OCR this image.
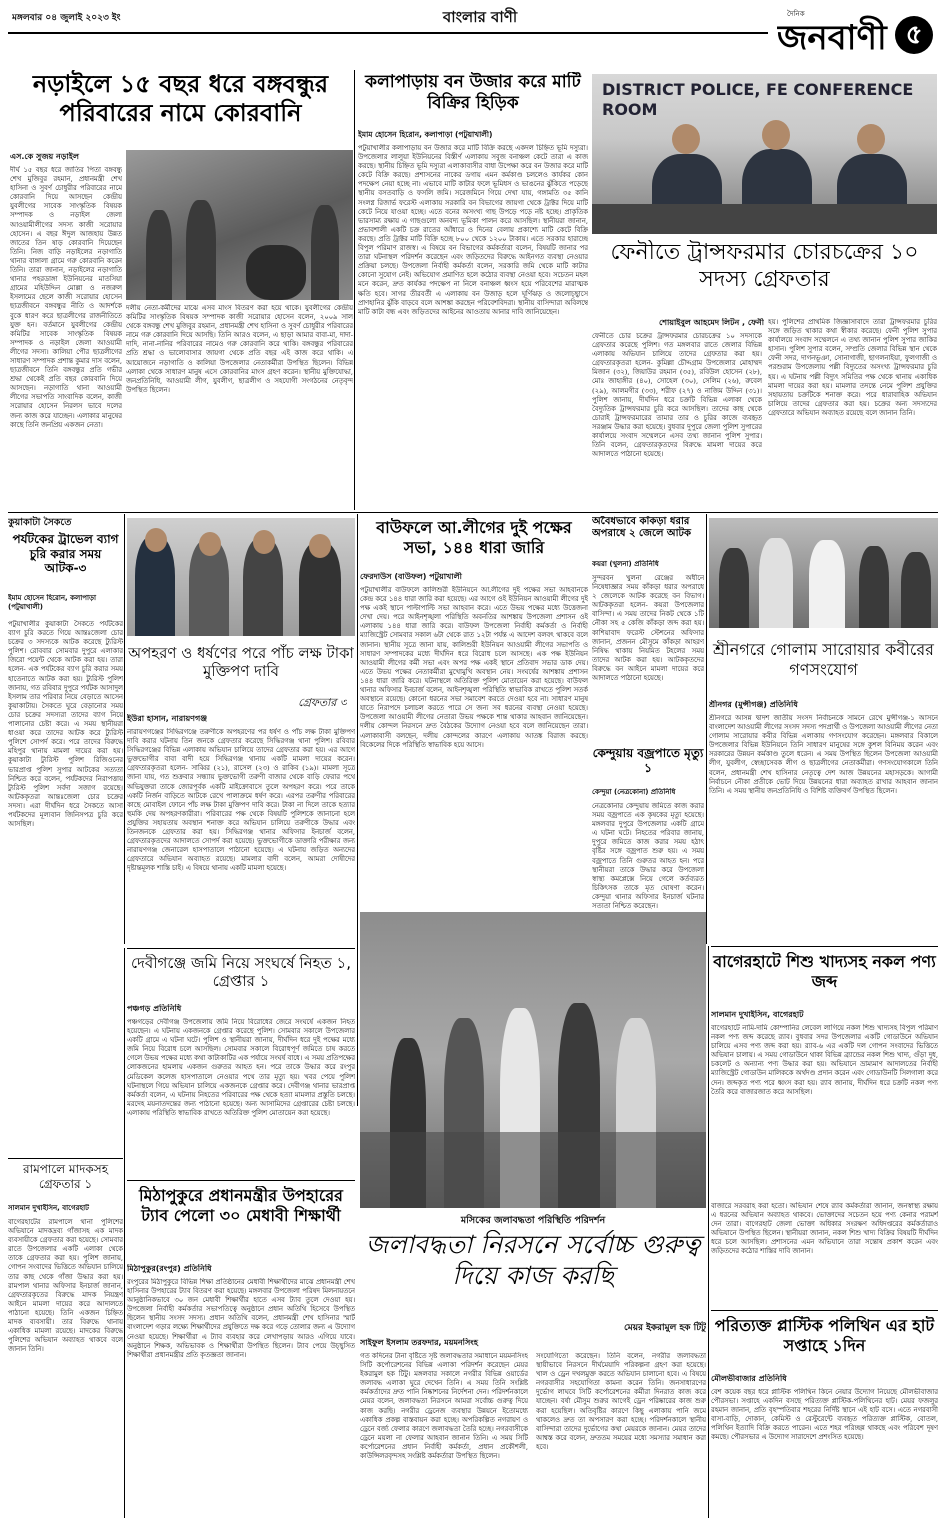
মঙ্গলবার ০৪ জুলাই ২০২৩ ইং	বাংলার বাণী	দৈনিক
জনবাণী ৫
নড়াইলে ১৫ বছর ধরে বঙ্গবন্ধুর পরিবারের নামে কোরবানি
এস.কে সুজয় নড়াইল
দীর্ঘ ১৫ বছর ধরে জাতির পিতা বঙ্গবন্ধু শেখ মুজিবুর রহমান, প্রধানমন্ত্রী শেখ হাসিনা ও সুবর্ণ চোধুরীর পরিবারের নামে কোরবানি দিয়ে আসছেন কেন্দ্রীয় যুবলীগের সাবেক সাংস্কৃতিক বিষয়ক সম্পাদক ও নড়াইল জেলা আওয়ামীলীগের সদস্য কাজী সরোয়ার হোসেন। এ বছর ঈদুল আজহায় উন্নত জাতের তিন ষাড় কোরবানি দিয়েছেন তিনি। নিজ বাড়ি নড়াইলের নড়াগাতি থানার বাঙ্গালা গ্রামে গরু কোরবানি করেন তিনি। তারা জানান, নড়াইলের নড়াগাতি থানার পহরডাঙ্গা ইউনিয়নের মাতসিয়া গ্রামের মহিউদ্দিন মোল্লা ও নজরুল ইসলামের ছেলে কাজী সরোয়ার হোসেন ছাত্রজীবনে বঙ্গবন্ধুর নীতি ও আদর্শকে বুকে ধারণ করে ছাত্রলীগের রাজনীতিতে যুক্ত হন। বর্তমানে যুবলীগের কেন্দ্রীয় কমিটির সাবেক সাংস্কৃতিক বিষয়ক সম্পাদক ও নড়াইল জেলা আওয়ামী লীগের সদস্য। কালিয়া পৌর ছাত্রলীগের সাধারণ সম্পাদক প্রশান্ত কুমার দাস বলেন, ছাত্রজীবনে তিনি বঙ্গবন্ধুর প্রতি গভীর শ্রদ্ধা থেকেই প্রতি বছর কোরবানি দিয়ে আসছেন। নড়াগাতি থানা আওয়ামী লীগের সভাপতি সাংবাদিক বলেন, কাজী সরোয়ার হোসেন নিরলস ভাবে দলের জন্য কাজ করে যাচ্ছেন। এলাকার মানুষের কাছে তিনি জনপ্রিয় একজন নেতা।
দলীয় নেতা-কর্মীদের মাঝে এসব মাংস বিতরণ করা হয়ে থাকে। যুবলীগের কেন্দ্রীয় কমিটির সাংস্কৃতিক বিষয়ক সম্পাদক কাজী সরোয়ার হোসেন বলেন, ২০০৯ সাল থেকে বঙ্গবন্ধু শেখ মুজিবুর রহমান, প্রধানমন্ত্রী শেখ হাসিনা ও সুবর্ণ চোধুরীর পরিবারের নামে গরু কোরবানি দিয়ে আসছি। তিনি আরও বলেন, এ ছাড়া আমার বাবা-মা, দাদা-দাদি, নানা-নানির পরিবারের নামেও গরু কোরবানি করে থাকি। বঙ্গবন্ধুর পরিবারের প্রতি শ্রদ্ধা ও ভালোবাসার জায়গা থেকে প্রতি বছর এই কাজ করে থাকি। এ আয়োজনে নড়াগাতি ও কালিয়া উপজেলার নেতাকর্মীরা উপস্থিত ছিলেন। বিভিন্ন এলাকা থেকে সাধারণ মানুষ এসে কোরবানির মাংস গ্রহণ করেন। স্থানীয় মুক্তিযোদ্ধা, জনপ্রতিনিধি, আওয়ামী লীগ, যুবলীগ, ছাত্রলীগ ও সহযোগী সংগঠনের নেতৃবৃন্দ উপস্থিত ছিলেন।
কলাপাড়ায় বন উজার করে মাটি বিক্রির হিড়িক
ইমাম হোসেন হিরোন, কলাপাড়া (পটুয়াখালী)
পটুয়াখালীর কলাপাড়ায় বন উজার করে মাটি বিক্রি করছে একদল চিহ্নিত ভূমি দস্যুরা। উপজেলার লালুয়া ইউনিয়নের বিস্তীর্ণ এলাকায় সবুজ বনাঞ্চল কেটে তারা এ কাজ করছে। স্থানীয় চিহ্নিত ভূমি দস্যুরা এলাকাবাসীর বাধা উপেক্ষা করে বন উজার করে মাটি কেটে বিক্রি করছে। প্রশাসনের নাকের ডগায় এমন কর্মকাণ্ড চললেও কার্যকর কোন পদক্ষেপ নেয়া হচ্ছে না। এভাবে মাটি কাটার ফলে ভূমিধস ও ভাঙনের ঝুঁকিতে পড়েছে স্থানীয় বসতবাড়ি ও ফসলি জমি। সরেজমিনে গিয়ে দেখা যায়, গঙ্গামতি ৩৫ কানি সংলগ্ন রিজার্ভ ফরেস্ট এলাকায় সরকারি বন বিভাগের জায়গা থেকে ট্রাক্টর দিয়ে মাটি কেটে নিয়ে যাওয়া হচ্ছে। এতে বনের অসংখ্য গাছ উপড়ে পড়ে নষ্ট হচ্ছে। প্রাকৃতিক ভারসাম্য রক্ষায় এ গাছগুলো অনবদ্য ভূমিকা পালন করে আসছিল। স্থানীয়রা জানান, প্রভাবশালী একটি চক্র রাতের আঁধারে ও দিনের বেলায় প্রকাশ্যে মাটি কেটে বিক্রি করছে। প্রতি ট্রাক্টর মাটি বিক্রি হচ্ছে ৮০০ থেকে ১২০০ টাকায়। এতে সরকার হারাচ্ছে বিপুল পরিমাণ রাজস্ব। এ বিষয়ে বন বিভাগের কর্মকর্তারা বলেন, বিষয়টি জানার পর তারা ঘটনাস্থল পরিদর্শন করেছেন এবং জড়িতদের বিরুদ্ধে আইনগত ব্যবস্থা নেওয়ার প্রক্রিয়া চলছে। উপজেলা নির্বাহী কর্মকর্তা বলেন, সরকারি জমি থেকে মাটি কাটার কোনো সুযোগ নেই। অভিযোগ প্রমাণিত হলে কঠোর ব্যবস্থা নেওয়া হবে। সচেতন মহল মনে করেন, দ্রুত কার্যকর পদক্ষেপ না নিলে বনাঞ্চল ধ্বংস হয়ে পরিবেশের মারাত্মক ক্ষতি হবে। সাগর তীরবর্তী এ এলাকায় বন উজাড় হলে ঘূর্ণিঝড় ও জলোচ্ছ্বাসে প্রাণহানির ঝুঁকি বাড়বে বলে আশঙ্কা করছেন পরিবেশবিদরা। স্থানীয় বাসিন্দারা অবিলম্বে মাটি কাটা বন্ধ এবং জড়িতদের আইনের আওতায় আনার দাবি জানিয়েছেন।
DISTRICT POLICE, FE CONFERENCE ROOM
ফেনীতে ট্রান্সফরমার চোরচক্রের ১০ সদস্য গ্রেফতার
শোয়াইবুল আহমেদ লিটন , ফেনী
ফেনীতে চোর চক্রের ট্রান্সফরমার চোরচক্রের ১০ সদস্যকে গ্রেফতার করেছে পুলিশ। গত মঙ্গলবার রাতে জেলার বিভিন্ন এলাকায় অভিযান চালিয়ে তাদের গ্রেফতার করা হয়। গ্রেফতারকৃতরা হলেন- কুমিল্লা চৌদ্দগ্রাম উপজেলার মোহাম্মদ মিজান (৩২), জিয়াউর রহমান (৩৫), রবিউল হোসেন (২৮), মোঃ জাহাঙ্গীর (৪০), সোহেল (৩০), সেলিম (২৬), রুবেল (২৯), আলমগীর (৩৩), শরীফ (২৭) ও নাজিম উদ্দিন (৩১)। পুলিশ জানায়, দীর্ঘদিন ধরে চক্রটি বিভিন্ন এলাকা থেকে বৈদ্যুতিক ট্রান্সফরমার চুরি করে আসছিল। তাদের কাছ থেকে চোরাই ট্রান্সফরমারের তামার তার ও চুরির কাজে ব্যবহৃত সরঞ্জাম উদ্ধার করা হয়েছে। বুধবার দুপুরে জেলা পুলিশ সুপারের কার্যালয়ে সংবাদ সম্মেলনে এসব তথ্য জানান পুলিশ সুপার। তিনি বলেন, গ্রেফতারকৃতদের বিরুদ্ধে মামলা দায়ের করে আদালতে পাঠানো হয়েছে।
হয়। পুলিশের প্রাথমিক জিজ্ঞাসাবাদে তারা ট্রান্সফরমার চুরির সঙ্গে জড়িত থাকার কথা স্বীকার করেছে। ফেনী পুলিশ সুপার কার্যালয়ে সংবাদ সম্মেলনে এ তথ্য জানান পুলিশ সুপার জাকির হাসান। পুলিশ সুপার বলেন, সম্প্রতি জেলার বিভিন্ন স্থান থেকে ফেনী সদর, দাগনভূঞা, সোনাগাজী, ছাগলনাইয়া, ফুলগাজী ও পরশুরাম উপজেলায় পল্লী বিদ্যুতের অসংখ্য ট্রান্সফরমার চুরি হয়। এ ঘটনায় পল্লী বিদ্যুৎ সমিতির পক্ষ থেকে থানায় একাধিক মামলা দায়ের করা হয়। মামলার তদন্তে নেমে পুলিশ প্রযুক্তির সহায়তায় চক্রটিকে শনাক্ত করে। পরে ধারাবাহিক অভিযান চালিয়ে তাদের গ্রেফতার করা হয়। চক্রের অন্য সদস্যদের গ্রেফতারে অভিযান অব্যাহত রয়েছে বলে জানান তিনি।
কুয়াকাটা সৈকতে
পর্যটকের ট্রাভেল ব্যাগ চুরি করার সময় আটক-৩
ইমাম হোসেন হিরোন, কলাপাড়া (পটুয়াখালী)
পটুয়াখালীর কুয়াকাটা সৈকতে পর্যটকের ব্যাগ চুরি করতে গিয়ে আন্তঃজেলা চোর চক্রের ৩ সদস্যকে আটক করেছে ট্যুরিস্ট পুলিশ। রোববার সোমবার দুপুরে এলাকার জিরো পয়েন্ট থেকে আটক করা হয়। তারা হলেন- এক পর্যটকের ব্যাগ চুরি করার সময় হাতেনাতে আটক করা হয়। ট্যুরিস্ট পুলিশ জানায়, গত রবিবার দুপুরে পর্যটক আসাদুল ইসলাম তার পরিবার নিয়ে বেড়াতে আসেন কুয়াকাটায়। সৈকতে ঘুরে বেড়ানোর সময় চোর চক্রের সদস্যরা তাদের ব্যাগ নিয়ে পালানোর চেষ্টা করে। এ সময় স্থানীয়রা ধাওয়া করে তাদের আটক করে ট্যুরিস্ট পুলিশে সোপর্দ করে। পরে তাদের বিরুদ্ধে মহিপুর থানায় মামলা দায়ের করা হয়। কুয়াকাটা ট্যুরিস্ট পুলিশ রিজিওনের ভারপ্রাপ্ত পুলিশ সুপার আটকের সত্যতা নিশ্চিত করে বলেন, পর্যটকদের নিরাপত্তায় ট্যুরিস্ট পুলিশ সর্বদা সজাগ রয়েছে। আটককৃতরা আন্তঃজেলা চোর চক্রের সদস্য। এরা দীর্ঘদিন ধরে সৈকতে আসা পর্যটকদের মূল্যবান জিনিসপত্র চুরি করে আসছিল।
অপহরণ ও ধর্ষণের পরে পাঁচ লক্ষ টাকা মুক্তিপণ দাবি
গ্রেফতার ৩
ইউরা হাসান, নারায়ণগঞ্জ
নারায়ণগঞ্জের সিদ্ধিরগঞ্জে তরুণীকে অপহরণের পর ধর্ষণ ও পাঁচ লক্ষ টাকা মুক্তিপণ দাবি করার ঘটনায় তিন জনকে গ্রেফতার করেছে সিদ্ধিরগঞ্জ থানা পুলিশ। রবিবার সিদ্ধিরগঞ্জের বিভিন্ন এলাকায় অভিযান চালিয়ে তাদের গ্রেফতার করা হয়। এর আগে ভুক্তভোগীর বাবা বাদী হয়ে সিদ্ধিরগঞ্জ থানায় একটি মামলা দায়ের করেন। গ্রেফতারকৃতরা হলেন- সাব্বির (২১), রাসেল (২৩) ও রাকিব (১৯)। মামলা সূত্রে জানা যায়, গত শুক্রবার সন্ধ্যায় ভুক্তভোগী তরুণী বাজার থেকে বাড়ি ফেরার পথে অভিযুক্তরা তাকে জোরপূর্বক একটি মাইক্রোবাসে তুলে অপহরণ করে। পরে তাকে একটি নির্জন বাড়িতে আটকে রেখে পালাক্রমে ধর্ষণ করে। এরপর তরুণীর পরিবারের কাছে মোবাইল ফোনে পাঁচ লক্ষ টাকা মুক্তিপণ দাবি করে। টাকা না দিলে তাকে হত্যার হুমকি দেয় অপহরণকারীরা। পরিবারের পক্ষ থেকে বিষয়টি পুলিশকে জানানো হলে প্রযুক্তির সহায়তায় অবস্থান শনাক্ত করে অভিযান চালিয়ে তরুণীকে উদ্ধার এবং তিনজনকে গ্রেফতার করা হয়। সিদ্ধিরগঞ্জ থানার অফিসার ইনচার্জ বলেন, গ্রেফতারকৃতদের আদালতে সোপর্দ করা হয়েছে। ভুক্তভোগীকে ডাক্তারি পরীক্ষার জন্য নারায়ণগঞ্জ জেনারেল হাসপাতালে পাঠানো হয়েছে। এ ঘটনায় জড়িত অন্যদের গ্রেফতারে অভিযান অব্যাহত রয়েছে। মামলার বাদী বলেন, আমরা দোষীদের দৃষ্টান্তমূলক শাস্তি চাই। এ বিষয়ে থানায় একটি মামলা হয়েছে।
বাউফলে আ.লীগের দুই পক্ষের সভা, ১৪৪ ধারা জারি
ফেরদাউস (বাউফল) পটুয়াখালী
পটুয়াখালীর বাউফলে কালিশুরী ইউনিয়নে আ.লীগের দুই পক্ষের সভা আহবানকে কেন্দ্র করে ১৪৪ ধারা জারি করা হয়েছে। এর আগে ওই ইউনিয়ন আওয়ামী লীগের দুই পক্ষ একই স্থানে পাল্টাপাল্টি সভা আহবান করে। এতে উভয় পক্ষের মধ্যে উত্তেজনা দেখা দেয়। পরে আইনশৃঙ্খলা পরিস্থিতি অবনতির আশঙ্কায় উপজেলা প্রশাসন ওই এলাকায় ১৪৪ ধারা জারি করে। বাউফল উপজেলা নির্বাহী কর্মকর্তা ও নির্বাহী ম্যাজিস্ট্রেট সোমবার সকাল ৬টা থেকে রাত ১২টা পর্যন্ত এ আদেশ বলবৎ থাকবে বলে জানান। স্থানীয় সূত্রে জানা যায়, কালিশুরী ইউনিয়ন আওয়ামী লীগের সভাপতি ও সাধারণ সম্পাদকের মধ্যে দীর্ঘদিন ধরে বিরোধ চলে আসছে। এক পক্ষ ইউনিয়ন আওয়ামী লীগের কর্মী সভা এবং অপর পক্ষ একই স্থানে প্রতিবাদ সভার ডাক দেয়। এতে উভয় পক্ষের নেতাকর্মীরা মুখোমুখি অবস্থান নেয়। সংঘর্ষের আশঙ্কায় প্রশাসন ১৪৪ ধারা জারি করে। ঘটনাস্থলে অতিরিক্ত পুলিশ মোতায়েন করা হয়েছে। বাউফল থানার অফিসার ইনচার্জ বলেন, আইনশৃঙ্খলা পরিস্থিতি স্বাভাবিক রাখতে পুলিশ সতর্ক অবস্থানে রয়েছে। কোনো ধরনের সভা সমাবেশ করতে দেওয়া হবে না। সাধারণ মানুষ যাতে নিরাপদে চলাচল করতে পারে সে জন্য সব ধরনের ব্যবস্থা নেওয়া হয়েছে। উপজেলা আওয়ামী লীগের নেতারা উভয় পক্ষকে শান্ত থাকার আহবান জানিয়েছেন। দলীয় কোন্দল নিরসনে দ্রুত বৈঠকের উদ্যোগ নেওয়া হবে বলে জানিয়েছেন তারা। এলাকাবাসী বলছেন, দলীয় কোন্দলের কারণে এলাকায় আতঙ্ক বিরাজ করছে। বিকেলের দিকে পরিস্থিতি স্বাভাবিক হয়ে আসে।
অবৈধভাবে কাঁকড়া ধরার অপরাধে ২ জেলে আটক
কয়রা (খুলনা) প্রতিনিধি
সুন্দরবন খুলনা রেঞ্জের অধীনে নিষেধাজ্ঞার সময় কাঁকড়া ধরার অপরাধে ২ জেলেকে আটক করেছে বন বিভাগ। আটককৃতরা হলেন- কয়রা উপজেলার বাসিন্দা। এ সময় তাদের নিকট থেকে ১টি নৌকা সহ ৫ কেজি কাঁকড়া জব্দ করা হয়। কাশিয়াবাদ ফরেস্ট স্টেশনের অফিসার জানান, প্রজনন মৌসুমে কাঁকড়া আহরণ নিষিদ্ধ থাকায় নিয়মিত টহলের সময় তাদের আটক করা হয়। আটককৃতদের বিরুদ্ধে বন আইনে মামলা দায়ের করে আদালতে পাঠানো হয়েছে।
কেন্দুয়ায় বজ্রপাতে মৃত্যু ১
কেন্দুয়া (নেত্রকোনা) প্রতিনিধি
নেত্রকোনার কেন্দুয়ায় জমিতে কাজ করার সময় বজ্রপাতে এক কৃষকের মৃত্যু হয়েছে। মঙ্গলবার দুপুরে উপজেলার একটি গ্রামে এ ঘটনা ঘটে। নিহতের পরিবার জানায়, দুপুরে জমিতে কাজ করার সময় হঠাৎ বৃষ্টির সঙ্গে বজ্রপাত শুরু হয়। এ সময় বজ্রপাতে তিনি গুরুতর আহত হন। পরে স্থানীয়রা তাকে উদ্ধার করে উপজেলা স্বাস্থ্য কমপ্লেক্সে নিয়ে গেলে কর্তব্যরত চিকিৎসক তাকে মৃত ঘোষণা করেন। কেন্দুয়া থানার অফিসার ইনচার্জ ঘটনার সত্যতা নিশ্চিত করেছেন।
শ্রীনগরে গোলাম সারোয়ার কবীরের গণসংযোগ
শ্রীনগর (মুন্সীগঞ্জ) প্রতিনিধি
শ্রীনগরে আসন্ন দ্বাদশ জাতীয় সংসদ নির্বাচনকে সামনে রেখে মুন্সীগঞ্জ-১ আসনে বাংলাদেশ আওয়ামী লীগের সংসদ সদস্য পদপ্রার্থী ও উপজেলা আওয়ামী লীগের নেতা গোলাম সারোয়ার কবীর বিভিন্ন এলাকায় গণসংযোগ করেছেন। মঙ্গলবার বিকালে উপজেলার বিভিন্ন ইউনিয়নে তিনি সাধারণ মানুষের সঙ্গে কুশল বিনিময় করেন এবং সরকারের উন্নয়ন কর্মকাণ্ড তুলে ধরেন। এ সময় উপস্থিত ছিলেন উপজেলা আওয়ামী লীগ, যুবলীগ, স্বেচ্ছাসেবক লীগ ও ছাত্রলীগের নেতাকর্মীরা। গণসংযোগকালে তিনি বলেন, প্রধানমন্ত্রী শেখ হাসিনার নেতৃত্বে দেশ আজ উন্নয়নের মহাসড়কে। আগামী নির্বাচনে নৌকা প্রতীকে ভোট দিয়ে উন্নয়নের ধারা অব্যাহত রাখার আহবান জানান তিনি। এ সময় স্থানীয় জনপ্রতিনিধি ও বিশিষ্ট ব্যক্তিবর্গ উপস্থিত ছিলেন।
দেবীগঞ্জে জমি নিয়ে সংঘর্ষে নিহত ১, গ্রেপ্তার ১
পঞ্চগড় প্রতিনিধি
পঞ্চগড়ের দেবীগঞ্জ উপজেলায় জমি নিয়ে বিরোধের জেরে সংঘর্ষে একজন নিহত হয়েছেন। এ ঘটনায় একজনকে গ্রেপ্তার করেছে পুলিশ। সোমবার সকালে উপজেলার একটি গ্রামে এ ঘটনা ঘটে। পুলিশ ও স্থানীয়রা জানায়, দীর্ঘদিন ধরে দুই পক্ষের মধ্যে জমি নিয়ে বিরোধ চলে আসছিল। সোমবার সকালে বিরোধপূর্ণ জমিতে চাষ করতে গেলে উভয় পক্ষের মধ্যে কথা কাটাকাটির এক পর্যায়ে সংঘর্ষ বাধে। এ সময় প্রতিপক্ষের লোকজনের হামলায় একজন গুরুতর আহত হন। পরে তাকে উদ্ধার করে রংপুর মেডিকেল কলেজ হাসপাতালে নেওয়ার পথে তার মৃত্যু হয়। খবর পেয়ে পুলিশ ঘটনাস্থলে গিয়ে অভিযান চালিয়ে একজনকে গ্রেপ্তার করে। দেবীগঞ্জ থানার ভারপ্রাপ্ত কর্মকর্তা বলেন, এ ঘটনায় নিহতের পরিবারের পক্ষ থেকে হত্যা মামলার প্রস্তুতি চলছে। মরদেহ ময়নাতদন্তের জন্য পাঠানো হয়েছে। অন্য আসামিদের গ্রেপ্তারের চেষ্টা চলছে। এলাকায় পরিস্থিতি স্বাভাবিক রাখতে অতিরিক্ত পুলিশ মোতায়েন করা হয়েছে।
রামপালে মাদকসহ গ্রেফতার ১
সালমান দুখাইসিন, বাগেরহাট
বাগেরহাটের রামপালে থানা পুলিশের অভিযানে মাদকদ্রব্য গাঁজাসহ এক মাদক ব্যবসায়ীকে গ্রেফতার করা হয়েছে। সোমবার রাতে উপজেলার একটি এলাকা থেকে তাকে গ্রেফতার করা হয়। পুলিশ জানায়, গোপন সংবাদের ভিত্তিতে অভিযান চালিয়ে তার কাছ থেকে গাঁজা উদ্ধার করা হয়। রামপাল থানার অফিসার ইনচার্জ জানান, গ্রেফতারকৃতের বিরুদ্ধে মাদক নিয়ন্ত্রণ আইনে মামলা দায়ের করে আদালতে পাঠানো হয়েছে। তিনি একজন চিহ্নিত মাদক ব্যবসায়ী। তার বিরুদ্ধে থানায় একাধিক মামলা রয়েছে। মাদকের বিরুদ্ধে পুলিশের অভিযান অব্যাহত থাকবে বলে জানান তিনি।
মিঠাপুকুরে প্রধানমন্ত্রীর উপহারের ট্যাব পেলো ৩০ মেধাবী শিক্ষার্থী
মিঠাপুকুর(রংপুর) প্রতিনিধি
রংপুরের মিঠাপুকুরে বিভিন্ন শিক্ষা প্রতিষ্ঠানের মেধাবী শিক্ষার্থীদের মাঝে প্রধানমন্ত্রী শেখ হাসিনার উপহারের ট্যাব বিতরণ করা হয়েছে। মঙ্গলবার উপজেলা পরিষদ মিলনায়তনে আনুষ্ঠানিকভাবে ৩০ জন মেধাবী শিক্ষার্থীর হাতে এসব ট্যাব তুলে দেওয়া হয়। উপজেলা নির্বাহী কর্মকর্তার সভাপতিত্বে অনুষ্ঠানে প্রধান অতিথি হিসেবে উপস্থিত ছিলেন স্থানীয় সংসদ সদস্য। প্রধান অতিথি বলেন, প্রধানমন্ত্রী শেখ হাসিনার স্মার্ট বাংলাদেশ গড়ার লক্ষ্যে শিক্ষার্থীদের প্রযুক্তিতে দক্ষ করে গড়ে তোলার জন্য এ উদ্যোগ নেওয়া হয়েছে। শিক্ষার্থীরা এ ট্যাব ব্যবহার করে লেখাপড়ায় আরও এগিয়ে যাবে। অনুষ্ঠানে শিক্ষক, অভিভাবক ও শিক্ষার্থীরা উপস্থিত ছিলেন। ট্যাব পেয়ে উচ্ছ্বসিত শিক্ষার্থীরা প্রধানমন্ত্রীর প্রতি কৃতজ্ঞতা জানান।
মসিকের জলাবদ্ধতা পরিস্থিতি পরিদর্শন
জলাবদ্ধতা নিরসনে সর্বোচ্চ গুরুত্ব দিয়ে কাজ করছি
মেয়র ইকরামুল হক টিটু
সাইফুল ইসলাম তরফদার, ময়মনসিংহ
গত কদিনের টানা বৃষ্টিতে সৃষ্ট জলাবদ্ধতার সমাধানে ময়মনসিংহ সিটি কর্পোরেশনের বিভিন্ন এলাকা পরিদর্শন করেছেন মেয়র ইকরামুল হক টিটু। মঙ্গলবার সকালে নগরীর বিভিন্ন ওয়ার্ডের জলাবদ্ধ এলাকা ঘুরে দেখেন তিনি। এ সময় তিনি সংশ্লিষ্ট কর্মকর্তাদের দ্রুত পানি নিষ্কাশনের নির্দেশনা দেন। পরিদর্শনকালে মেয়র বলেন, জলাবদ্ধতা নিরসনে আমরা সর্বোচ্চ গুরুত্ব দিয়ে কাজ করছি। নগরীর ড্রেনেজ ব্যবস্থার উন্নয়নে ইতোমধ্যে একাধিক প্রকল্প বাস্তবায়ন করা হচ্ছে। অপরিকল্পিত নগরায়ণ ও ড্রেনে বর্জ্য ফেলার কারণে জলাবদ্ধতা তৈরি হচ্ছে। নগরবাসীকে ড্রেনে ময়লা না ফেলার আহবান জানান তিনি। এ সময় সিটি কর্পোরেশনের প্রধান নির্বাহী কর্মকর্তা, প্রধান প্রকৌশলী, কাউন্সিলরবৃন্দসহ সংশ্লিষ্ট কর্মকর্তারা উপস্থিত ছিলেন।
সংযোগিতো করেছেন। তিনি বলেন, নগরীর জলাবদ্ধতা স্থায়ীভাবে নিরসনে দীর্ঘমেয়াদি পরিকল্পনা গ্রহণ করা হয়েছে। খাল ও ড্রেন দখলমুক্ত করতে অভিযান চালানো হবে। এ বিষয়ে নগরবাসীর সহযোগিতা কামনা করেন তিনি। জনসাধারণের দুর্ভোগ লাঘবে সিটি কর্পোরেশনের কর্মীরা দিনরাত কাজ করে যাচ্ছেন। বর্ষা মৌসুম শুরুর আগেই ড্রেন পরিষ্কারের কাজ শুরু করা হয়েছিল। অতিবৃষ্টির কারণে কিছু এলাকায় পানি জমে থাকলেও দ্রুত তা অপসারণ করা হচ্ছে। পরিদর্শনকালে স্থানীয় বাসিন্দারা তাদের দুর্ভোগের কথা মেয়রকে জানান। মেয়র তাদের আশ্বস্ত করে বলেন, দ্রুততম সময়ের মধ্যে সমস্যার সমাধান করা হবে।
বাগেরহাটে শিশু খাদ্যসহ নকল পণ্য জব্দ
সালমান দুখাইসিন, বাগেরহাট
বাগেরহাটে নামি-দামি কোম্পানির লেবেল লাগিয়ে নকল শিশু খাদ্যসহ বিপুল পরিমাণ নকল পণ্য জব্দ করেছে র‍্যাব। বুধবার সদর উপজেলার একটি গোডাউনে অভিযান চালিয়ে এসব পণ্য জব্দ করা হয়। র‍্যাব-৬ এর একটি দল গোপন সংবাদের ভিত্তিতে অভিযান চালায়। এ সময় গোডাউনে থাকা বিভিন্ন ব্র্যান্ডের নকল শিশু খাদ্য, গুঁড়া দুধ, চকলেট ও অন্যান্য পণ্য উদ্ধার করা হয়। অভিযানে ভ্রাম্যমাণ আদালতের নির্বাহী ম্যাজিস্ট্রেট গোডাউন মালিককে অর্থদণ্ড প্রদান করেন এবং গোডাউনটি সিলগালা করে দেন। জব্দকৃত পণ্য পরে ধ্বংস করা হয়। র‍্যাব জানায়, দীর্ঘদিন ধরে চক্রটি নকল পণ্য তৈরি করে বাজারজাত করে আসছিল।
বাজারে সরবরাহ করা হতো। অভিযান শেষে র‍্যাব কর্মকর্তারা জানান, জনস্বাস্থ্য রক্ষায় এ ধরনের অভিযান অব্যাহত থাকবে। ভোক্তাদের সচেতন হয়ে পণ্য কেনার পরামর্শ দেন তারা। বাগেরহাট জেলা ভোক্তা অধিকার সংরক্ষণ অধিদপ্তরের কর্মকর্তারাও অভিযানে উপস্থিত ছিলেন। স্থানীয়রা জানান, নকল শিশু খাদ্য বিক্রির বিষয়টি দীর্ঘদিন ধরে চলে আসছিল। প্রশাসনের এমন অভিযানে তারা সন্তোষ প্রকাশ করেন এবং জড়িতদের কঠোর শাস্তির দাবি জানান।
পরিত্যক্ত প্লাস্টিক পলিথিন এর হাট সপ্তাহে ১দিন
মৌলভীবাজার প্রতিনিধি
বেশ কয়েক বছর ধরে প্লাস্টিক পলিথিন কিনে নেয়ার উদ্যোগ নিয়েছে মৌলভীবাজার পৌরসভা। সপ্তাহে একদিন বসছে পরিত্যক্ত প্লাস্টিক-পলিথিনের হাট। মেয়র ফজলুর রহমান জানান, প্রতি বৃহস্পতিবার শহরের নির্দিষ্ট স্থানে এই হাট বসে। এতে নগরবাসী বাসা-বাড়ি, দোকান, কেমিস্ট ও রেস্টুরেন্টে ব্যবহৃত পরিত্যক্ত প্লাস্টিক, বোতল, পলিথিন ইত্যাদি বিক্রি করতে পারেন। এতে শহর পরিচ্ছন্ন থাকছে এবং পরিবেশ দূষণ কমছে। পৌরসভার এ উদ্যোগ সারাদেশে প্রশংসিত হয়েছে।
